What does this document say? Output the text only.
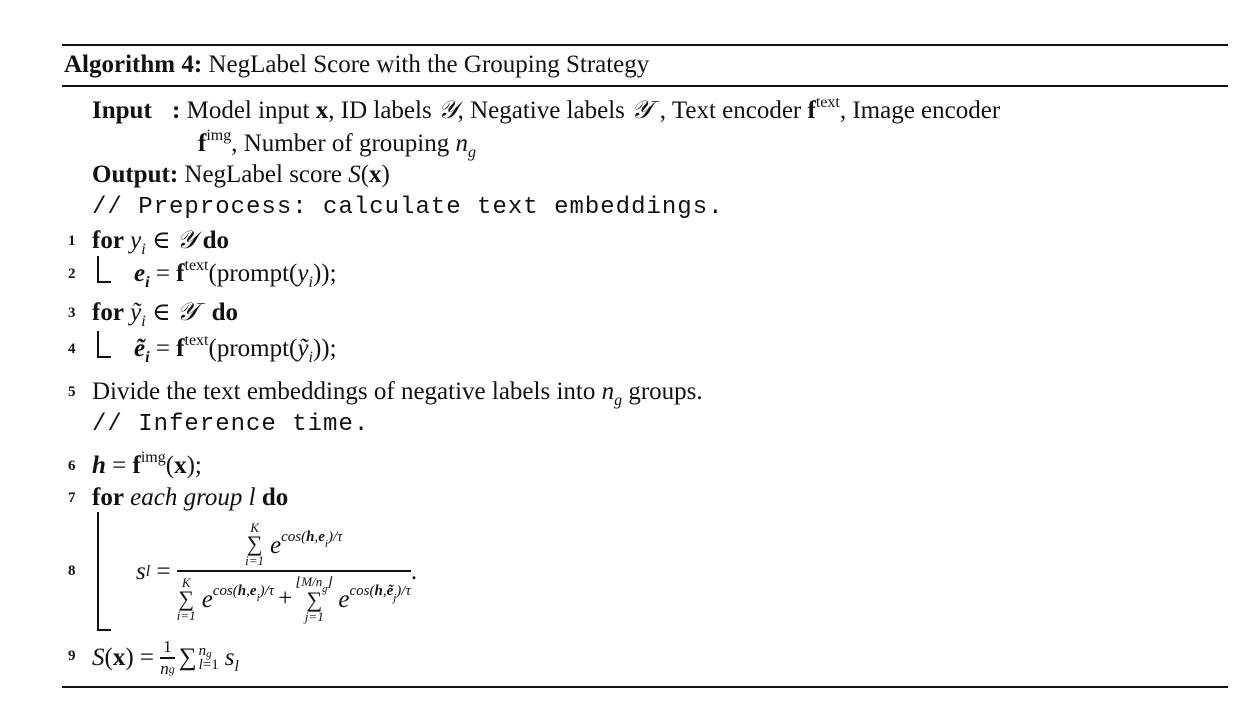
Algorithm 4: NegLabel Score with the Grouping Strategy
Input : Model input x, ID labels 𝒴, Negative labels 𝒴−, Text encoder $f^{text}$, Image encoder
$f^{img}$, Number of grouping $n_g$
Output: NegLabel score S(x)
// Preprocess: calculate text embeddings.
1 for $y_i$ ∈ 𝒴 do
2 $e_i$ = $f^{text}(prompt(y_i))$;
3 for ỹ$_i$ ∈ 𝒴− do
4 ẽ$_i$ = $f^{text}(prompt(ỹ_i))$;
5 Divide the text embeddings of negative labels into $n_g$ groups.
// Inference time.
6 $h = f^{img}(x)$;
7 for each group l do
8 s l =
K
∑
i=1
$e^{cos(h,e_i)/\tau}$
K
∑
i=1
$e^{cos(h,e_i)/\tau}$ +
$⌊M/n_g⌋$
∑
j=1
$e^{cos(h,ẽ_j)/\tau}$
.
9 S ( x ) = $\frac{1}{\text{n g}}$ ∑ $n_g$
l=1 $s_l$
